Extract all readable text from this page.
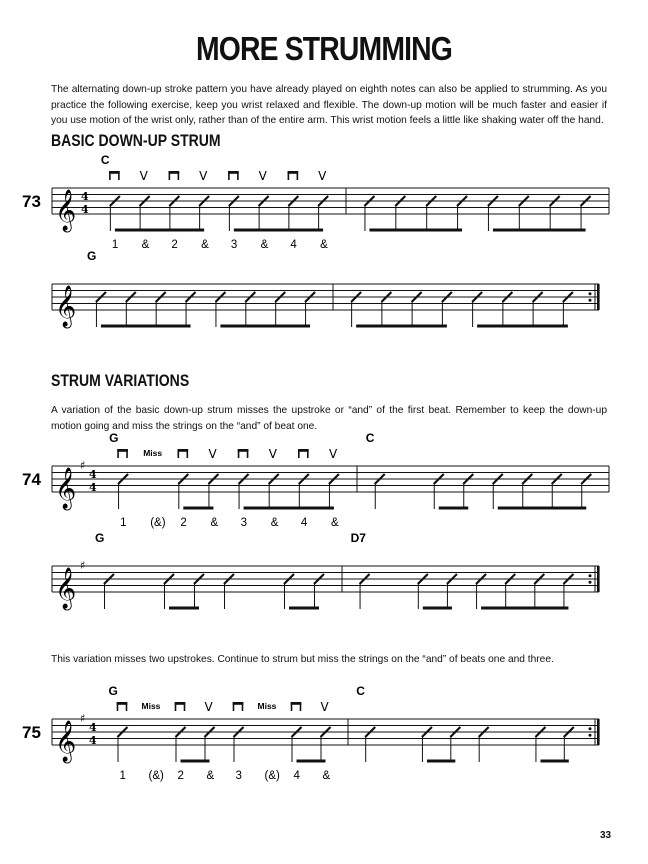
MORE STRUMMING
The alternating down-up stroke pattern you have already played on eighth notes can also be applied to strumming. As you practice the following exercise, keep you wrist relaxed and flexible. The down-up motion will be much faster and easier if you use motion of the wrist only, rather than of the entire arm. This wrist motion feels a little like shaking water off the hand.
BASIC DOWN-UP STRUM
STRUM VARIATIONS
A variation of the basic down-up strum misses the upstroke or “and” of the first beat. Remember to keep the down-up motion going and miss the strings on the “and” of beat one.
This variation misses two upstrokes. Continue to strum but miss the strings on the “and” of beats one and three.
33
𝄞 4
4
73
C
V	V	V	V
1 & 2 & 3 & 4 &
𝄞
G
𝄞
♯
4
4
74
G	C
Miss	V	V	V
1 (&) 2 & 3 & 4 &
𝄞
♯
G	D7
𝄞
♯
4
4
75
G	C
Miss	V	Miss	V
1 (&) 2 & 3 (&) 4 &
